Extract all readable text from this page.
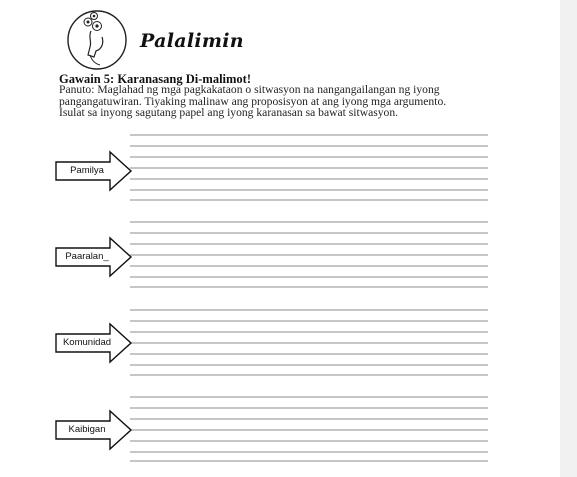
Palalimin
Gawain 5: Karanasang Di-malimot!
Panuto: Maglahad ng mga pagkakataon o sitwasyon na nangangailangan ng iyong
pangangatuwiran. Tiyaking malinaw ang proposisyon at ang iyong mga argumento.
Isulat sa inyong sagutang papel ang iyong karanasan sa bawat sitwasyon.
Pamilya
Paaralan_
Komunidad
Kaibigan
